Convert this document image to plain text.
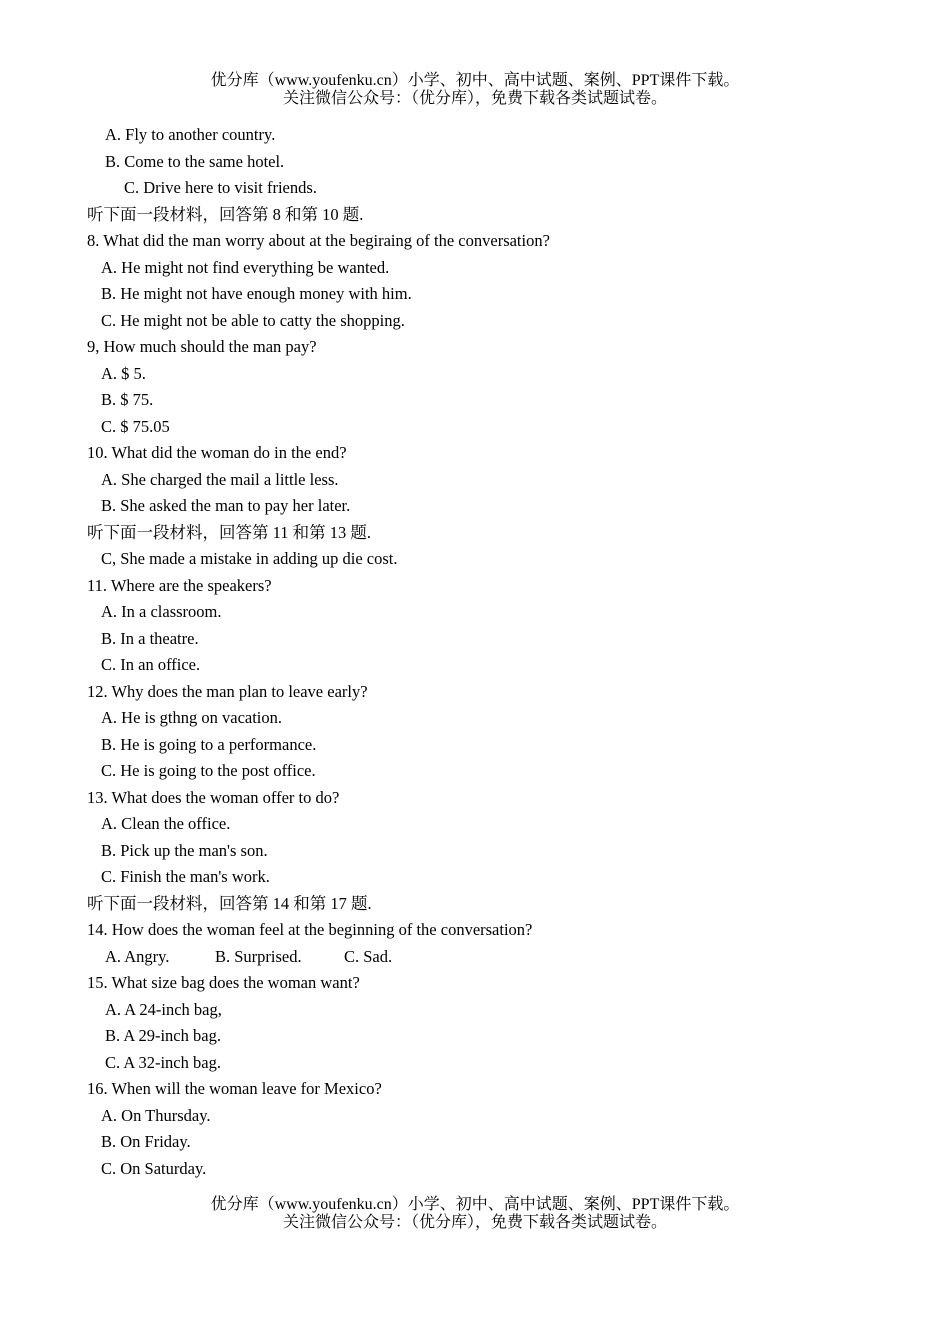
优分库（www.youfenku.cn）小学、初中、高中试题、案例、PPT课件下载。
关注微信公众号：（优分库），免费下载各类试题试卷。
A. Fly to another country.
B. Come to the same hotel.
C. Drive here to visit friends.
听下面一段材料，回答第 8 和第 10 题.
8. What did the man worry about at the begiraing of the conversation?
A. He might not find everything be wanted.
B. He might not have enough money with him.
C. He might not be able to catty the shopping.
9, How much should the man pay?
A. $ 5.
B. $ 75.
C. $ 75.05
10. What did the woman do in the end?
A. She charged the mail a little less.
B. She asked the man to pay her later.
听下面一段材料，回答第 11 和第 13 题.
C, She made a mistake in adding up die cost.
11. Where are the speakers?
A. In a classroom.
B. In a theatre.
C. In an office.
12. Why does the man plan to leave early?
A. He is gthng on vacation.
B. He is going to a performance.
C. He is going to the post office.
13. What does the woman offer to do?
A. Clean the office.
B. Pick up the man's son.
C. Finish the man's work.
听下面一段材料，回答第 14 和第 17 题.
14. How does the woman feel at the beginning of the conversation?
A. Angry.	B. Surprised.	C. Sad.
15. What size bag does the woman want?
A. A 24-inch bag,
B. A 29-inch bag.
C. A 32-inch bag.
16. When will the woman leave for Mexico?
A. On Thursday.
B. On Friday.
C. On Saturday.
优分库（www.youfenku.cn）小学、初中、高中试题、案例、PPT课件下载。
关注微信公众号：（优分库），免费下载各类试题试卷。
